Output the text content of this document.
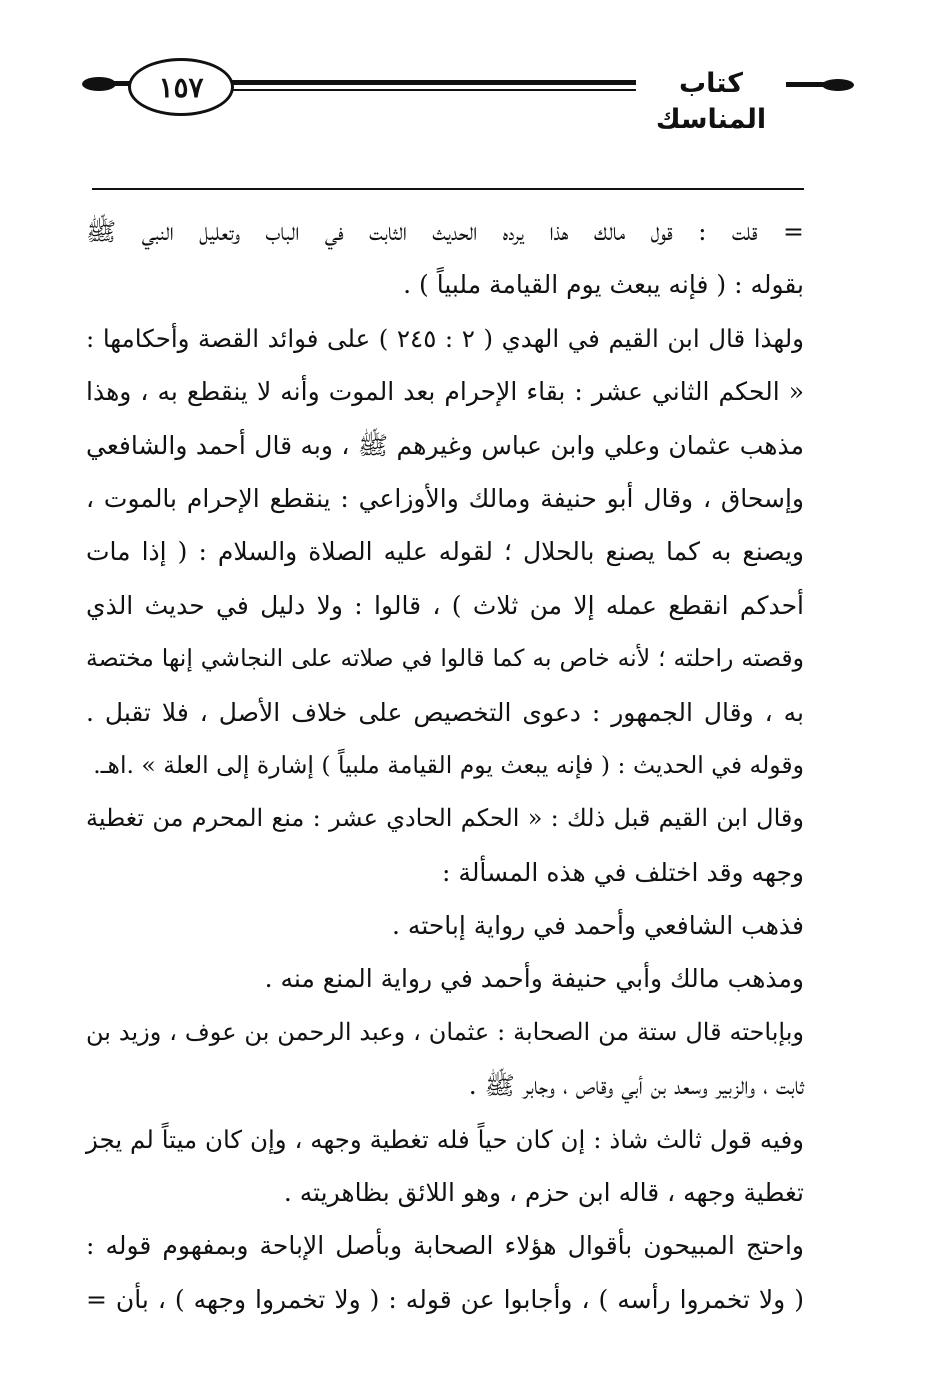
١٥٧	كتاب المناسك
= قلت : قول مالك هذا يرده الحديث الثابت في الباب وتعليل النبي ﷺ
بقوله : ( فإنه يبعث يوم القيامة ملبياً ) .
ولهذا قال ابن القيم في الهدي ( ٢ : ٢٤٥ ) على فوائد القصة وأحكامها :
« الحكم الثاني عشر : بقاء الإحرام بعد الموت وأنه لا ينقطع به ، وهذا
مذهب عثمان وعلي وابن عباس وغيرهم ﷺ ، وبه قال أحمد والشافعي
وإسحاق ، وقال أبو حنيفة ومالك والأوزاعي : ينقطع الإحرام بالموت ،
ويصنع به كما يصنع بالحلال ؛ لقوله عليه الصلاة والسلام : ( إذا مات
أحدكم انقطع عمله إلا من ثلاث ) ، قالوا : ولا دليل في حديث الذي
وقصته راحلته ؛ لأنه خاص به كما قالوا في صلاته على النجاشي إنها مختصة
به ، وقال الجمهور : دعوى التخصيص على خلاف الأصل ، فلا تقبل .
وقوله في الحديث : ( فإنه يبعث يوم القيامة ملبياً ) إشارة إلى العلة » .اهـ.
وقال ابن القيم قبل ذلك : « الحكم الحادي عشر : منع المحرم من تغطية
وجهه وقد اختلف في هذه المسألة :
فذهب الشافعي وأحمد في رواية إباحته .
ومذهب مالك وأبي حنيفة وأحمد في رواية المنع منه .
وبإباحته قال ستة من الصحابة : عثمان ، وعبد الرحمن بن عوف ، وزيد بن
ثابت ، والزبير وسعد بن أبي وقاص ، وجابر ﷺ .
وفيه قول ثالث شاذ : إن كان حياً فله تغطية وجهه ، وإن كان ميتاً لم يجز
تغطية وجهه ، قاله ابن حزم ، وهو اللائق بظاهريته .
واحتج المبيحون بأقوال هؤلاء الصحابة وبأصل الإباحة وبمفهوم قوله :
( ولا تخمروا رأسه ) ، وأجابوا عن قوله : ( ولا تخمروا وجهه ) ، بأن =
